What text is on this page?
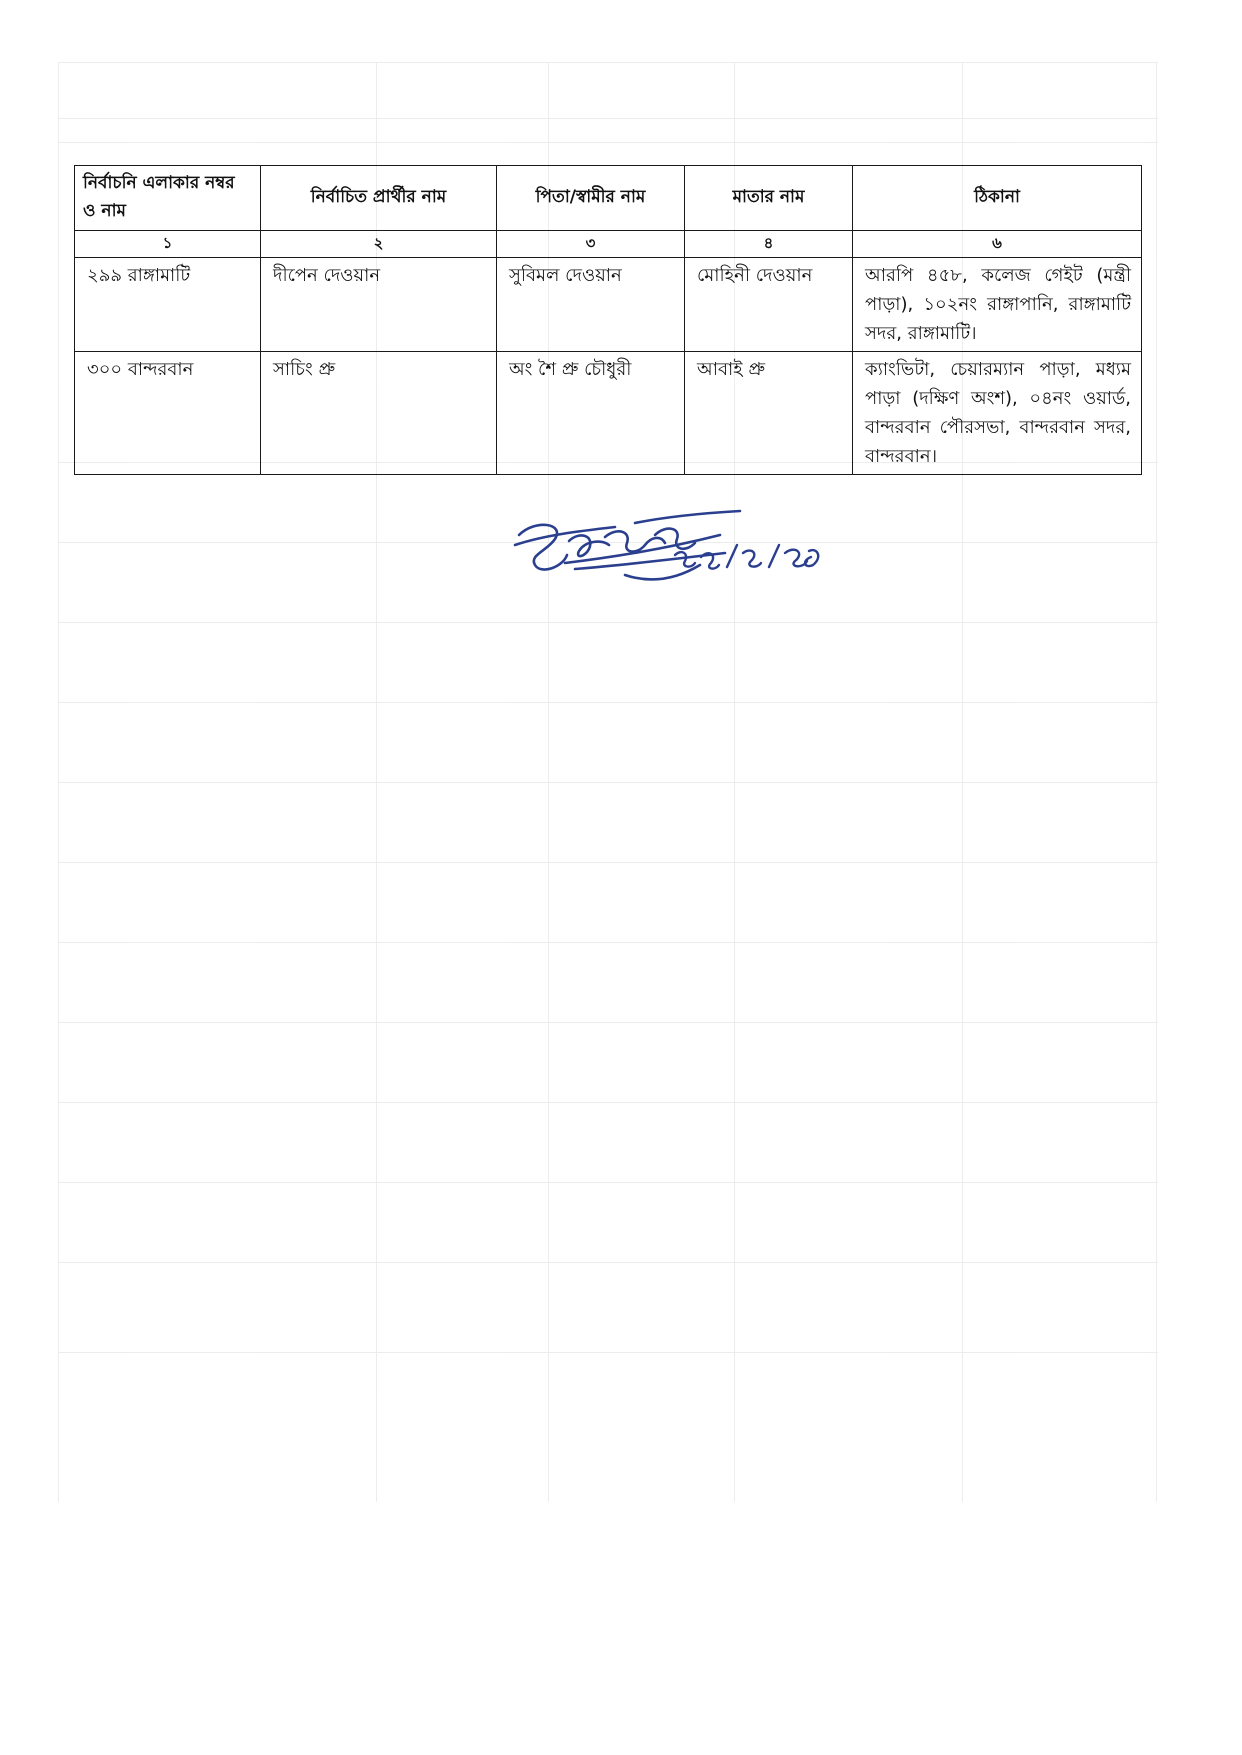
নির্বাচনি এলাকার নম্বর ও নাম	নির্বাচিত প্রার্থীর নাম	পিতা/স্বামীর নাম	মাতার নাম	ঠিকানা
১	২	৩	৪	৬
২৯৯ রাঙ্গামাটি	দীপেন দেওয়ান	সুবিমল দেওয়ান	মোহিনী দেওয়ান	আরপি ৪৫৮, কলেজ গেইট (মন্ত্রী পাড়া), ১০২নং রাঙ্গাপানি, রাঙ্গামাটি সদর, রাঙ্গামাটি।
৩০০ বান্দরবান	সাচিং প্রু	অং শৈ প্রু চৌধুরী	আবাই প্রু	ক্যাংভিটা, চেয়ারম্যান পাড়া, মধ্যম পাড়া (দক্ষিণ অংশ), ০৪নং ওয়ার্ড, বান্দরবান পৌরসভা, বান্দরবান সদর, বান্দরবান।
